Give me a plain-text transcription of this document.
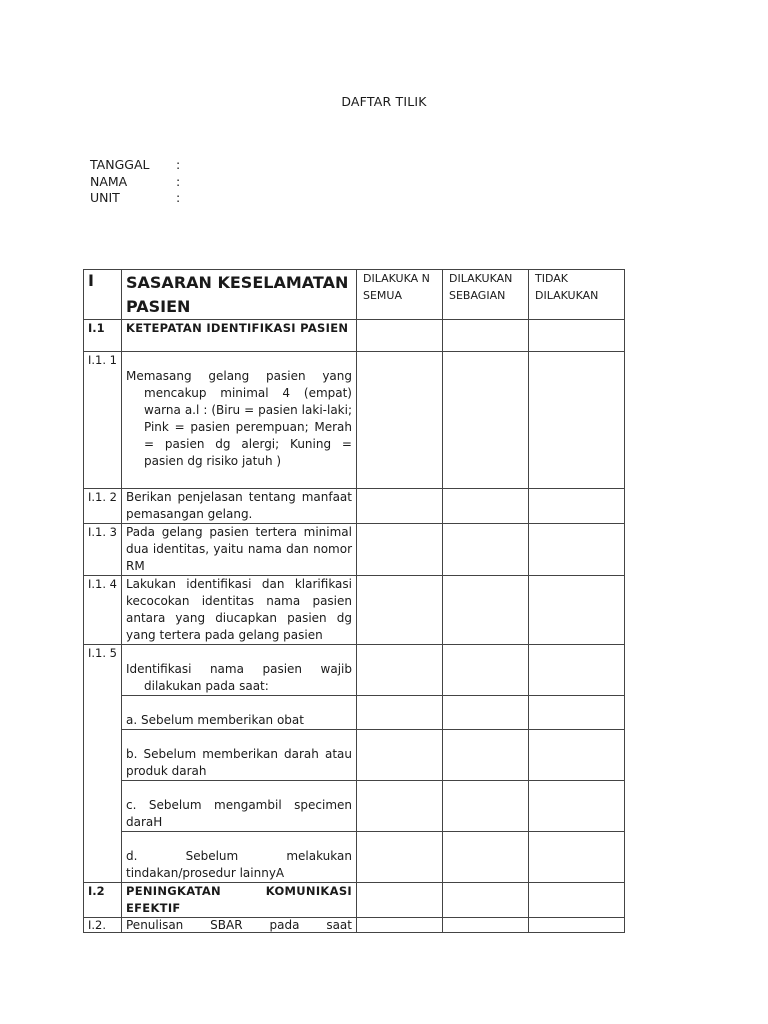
DAFTAR TILIK
TANGGAL	:
NAMA	:
UNIT	:
I	SASARAN KESELAMATAN PASIEN	DILAKUKA N SEMUA	DILAKUKAN SEBAGIAN	TIDAK DILAKUKAN
I.1	KETEPATAN IDENTIFIKASI PASIEN			
I.1. 1	Memasang gelang pasien yang mencakup minimal 4 (empat) warna a.l : (Biru = pasien laki-laki; Pink = pasien perempuan; Merah = pasien dg alergi; Kuning = pasien dg risiko jatuh )			
I.1. 2	Berikan penjelasan tentang manfaat pemasangan gelang.			
I.1. 3	Pada gelang pasien tertera minimal dua identitas, yaitu nama dan nomor RM			
I.1. 4	Lakukan identifikasi dan klarifikasi kecocokan identitas nama pasien antara yang diucapkan pasien dg yang tertera pada gelang pasien			
I.1. 5	Identifikasi nama pasien wajib dilakukan pada saat:			
	a. Sebelum memberikan obat			
	b. Sebelum memberikan darah atau produk darah			
	c. Sebelum mengambil specimen daraH			
	d. Sebelum melakukan tindakan/prosedur lainnyA			
I.2	PENINGKATAN KOMUNIKASI EFEKTIF			
I.2.	Penulisan SBAR pada saat			
